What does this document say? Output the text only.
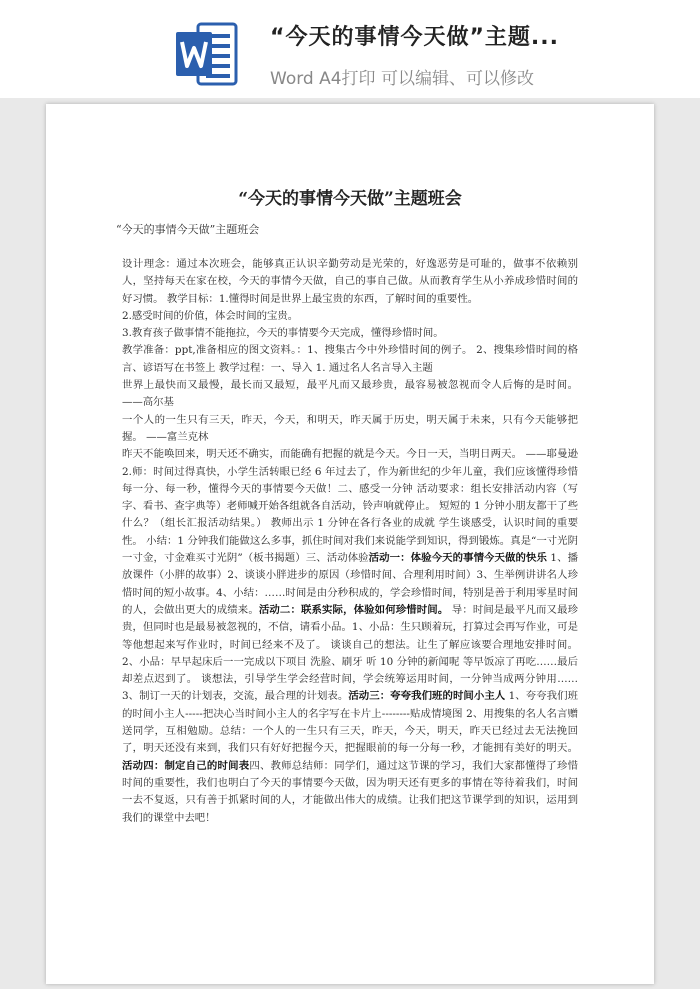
“今天的事情今天做”主题...
Word A4打印 可以编辑、可以修改
“今天的事情今天做”主题班会
“今天的事情今天做”主题班会

设计理念：通过本次班会，能够真正认识辛勤劳动是光荣的，好逸恶劳是可耻的，做事不依赖别人，坚持每天在家在校，今天的事情今天做，自己的事自己做。从而教育学生从小养成珍惜时间的好习惯。 教学目标：1.懂得时间是世界上最宝贵的东西，了解时间的重要性。

2.感受时间的价值，体会时间的宝贵。

3.教育孩子做事情不能拖拉，今天的事情要今天完成，懂得珍惜时间。

教学准备：ppt,准备相应的图文资料。：1、搜集古今中外珍惜时间的例子。 2、搜集珍惜时间的格言、谚语写在书签上 教学过程：一、导入 1. 通过名人名言导入主题

世界上最快而又最慢，最长而又最短，最平凡而又最珍贵，最容易被忽视而令人后悔的是时间。 ——高尔基

一个人的一生只有三天，昨天，今天，和明天，昨天属于历史，明天属于未来，只有今天能够把握。 ——富兰克林

昨天不能唤回来，明天还不确实，而能确有把握的就是今天。今日一天，当明日两天。 ——耶曼逊 2.师：时间过得真快，小学生活转眼已经 6 年过去了，作为新世纪的少年儿童，我们应该懂得珍惜每一分、每一秒，懂得今天的事情要今天做！二、感受一分钟 活动要求：组长安排活动内容（写字、看书、查字典等）老师喊开始各组就各自活动，铃声响就停止。 短短的 1 分钟小朋友都干了些什么？（组长汇报活动结果。） 教师出示 1 分钟在各行各业的成就 学生谈感受，认识时间的重要性。 小结：1 分钟我们能做这么多事，抓住时间对我们来说能学到知识，得到锻炼。真是“一寸光阴一寸金，寸金难买寸光阴”（板书揭题）三、活动体验活动一：体验今天的事情今天做的快乐 1、播放课件（小胖的故事）2、谈谈小胖进步的原因（珍惜时间、合理利用时间）3、生举例讲讲名人珍惜时间的短小故事。4、小结：……时间是由分秒积成的，学会珍惜时间，特别是善于利用零星时间的人，会做出更大的成绩来。活动二：联系实际，体验如何珍惜时间。 导：时间是最平凡而又最珍贵，但同时也是最易被忽视的，不信，请看小品。1、小品：生只顾着玩，打算过会再写作业，可是等他想起来写作业时，时间已经来不及了。 谈谈自己的想法。让生了解应该要合理地安排时间。2、小品：早早起床后一一完成以下项目 洗脸、刷牙 听 10 分钟的新闻呢 等早饭凉了再吃……最后却差点迟到了。 谈想法，引导学生学会经营时间，学会统筹运用时间，一分钟当成两分钟用……3、制订一天的计划表，交流，最合理的计划表。活动三：夸夸我们班的时间小主人 1、夸夸我们班的时间小主人-----把决心当时间小主人的名字写在卡片上--------贴成情境图 2、用搜集的名人名言赠送同学，互相勉励。总结：一个人的一生只有三天，昨天，今天，明天，昨天已经过去无法挽回了，明天还没有来到，我们只有好好把握今天，把握眼前的每一分每一秒，才能拥有美好的明天。活动四：制定自己的时间表四、教师总结师：同学们，通过这节课的学习，我们大家都懂得了珍惜时间的重要性，我们也明白了今天的事情要今天做，因为明天还有更多的事情在等待着我们，时间一去不复返，只有善于抓紧时间的人，才能做出伟大的成绩。让我们把这节课学到的知识，运用到我们的课堂中去吧！
